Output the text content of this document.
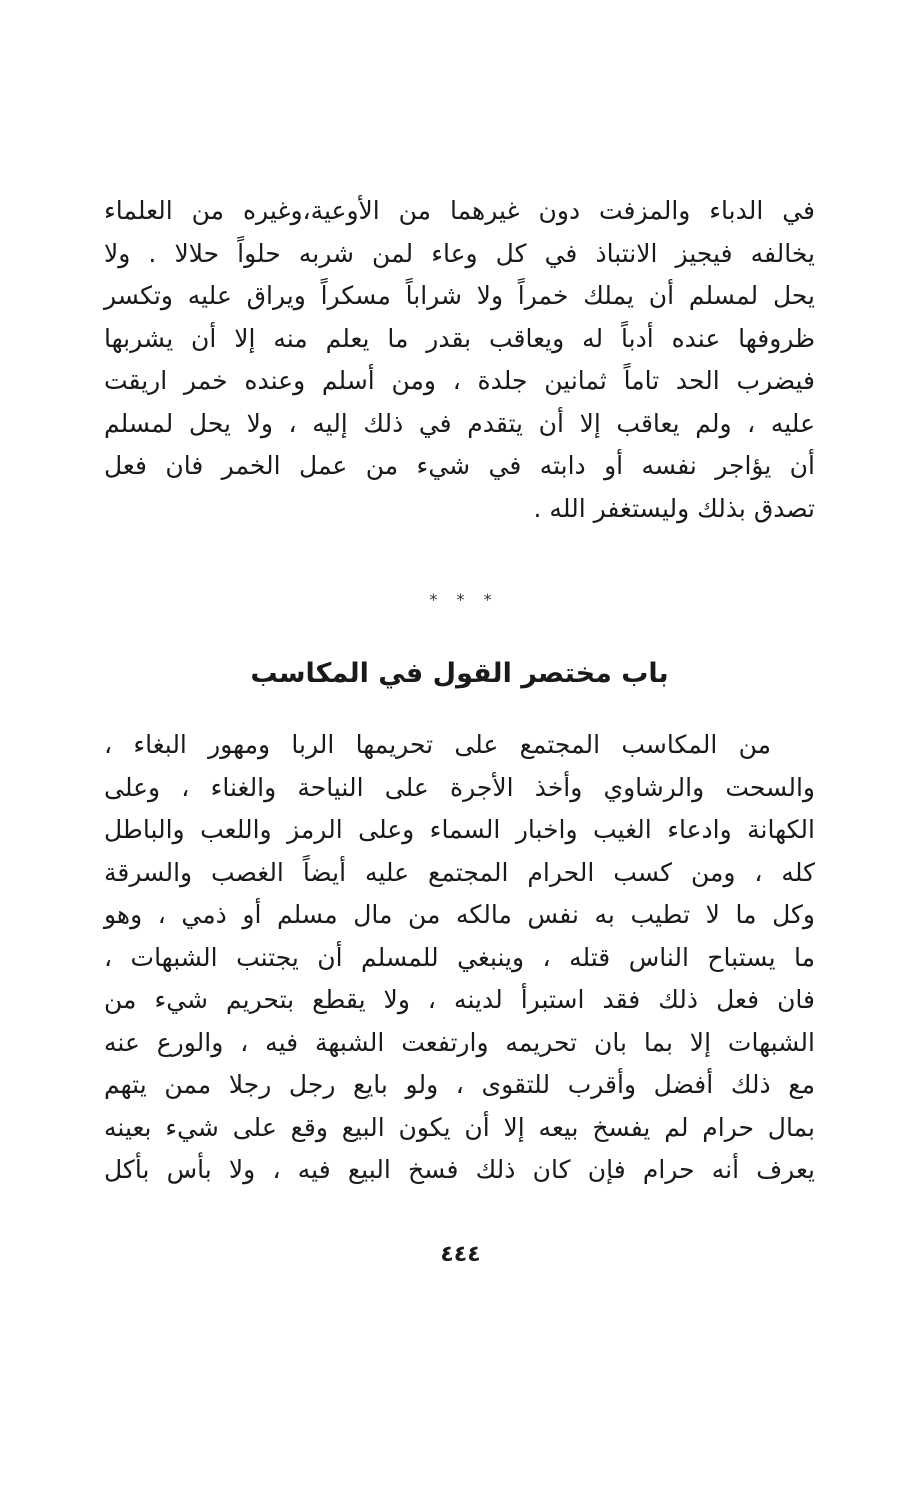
في الدباء والمزفت دون غيرهما من الأوعية،وغيره من العلماء
يخالفه فيجيز الانتباذ في كل وعاء لمن شربه حلواً حلالا . ولا
يحل لمسلم أن يملك خمراً ولا شراباً مسكراً ويراق عليه وتكسر
ظروفها عنده أدباً له ويعاقب بقدر ما يعلم منه إلا أن يشربها
فيضرب الحد تاماً ثمانين جلدة ، ومن أسلم وعنده خمر اريقت
عليه ، ولم يعاقب إلا أن يتقدم في ذلك إليه ، ولا يحل لمسلم
أن يؤاجر نفسه أو دابته في شيء من عمل الخمر فان فعل
تصدق بذلك وليستغفر الله .
* * *
باب مختصر القول في المكاسب
من المكاسب المجتمع على تحريمها الربا ومهور البغاء ،
والسحت والرشاوي وأخذ الأجرة على النياحة والغناء ، وعلى
الكهانة وادعاء الغيب واخبار السماء وعلى الرمز واللعب والباطل
كله ، ومن كسب الحرام المجتمع عليه أيضاً الغصب والسرقة
وكل ما لا تطيب به نفس مالكه من مال مسلم أو ذمي ، وهو
ما يستباح الناس قتله ، وينبغي للمسلم أن يجتنب الشبهات ،
فان فعل ذلك فقد استبرأ لدينه ، ولا يقطع بتحريم شيء من
الشبهات إلا بما بان تحريمه وارتفعت الشبهة فيه ، والورع عنه
مع ذلك أفضل وأقرب للتقوى ، ولو بايع رجل رجلا ممن يتهم
بمال حرام لم يفسخ بيعه إلا أن يكون البيع وقع على شيء بعينه
يعرف أنه حرام فإن كان ذلك فسخ البيع فيه ، ولا بأس بأكل
٤٤٤
